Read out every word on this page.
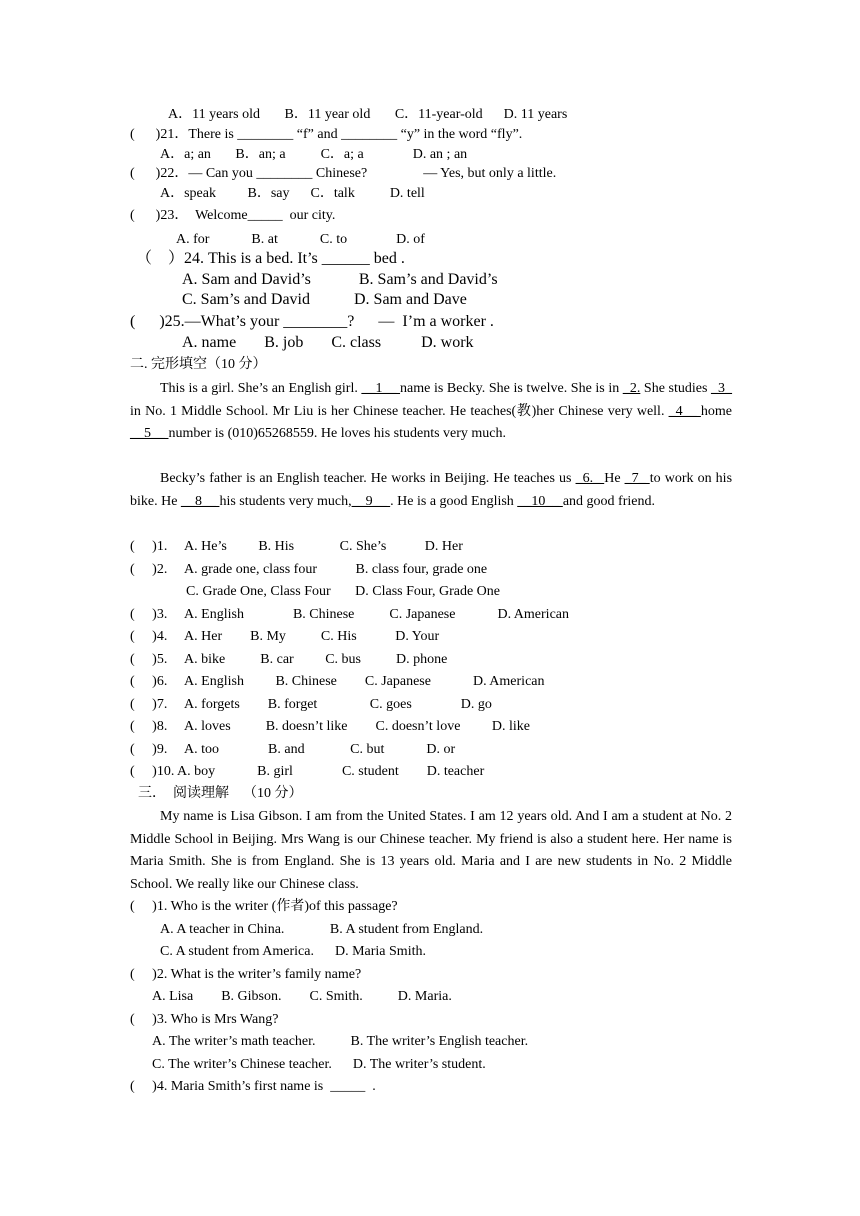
A．11 years old       B．11 year old       C．11-year-old      D. 11 years
(      )21．There is ________ “f” and ________ “y” in the word “fly”.
A．a; an       B．an; a          C．a; a              D. an ; an
(      )22．— Can you ________ Chinese?                — Yes, but only a little.
A．speak         B．say      C．talk          D. tell
(      )23．  Welcome_____  our city.
A. for            B. at            C. to              D. of
（    ）24. This is a bed. It’s ______ bed .
A. Sam and David’s            B. Sam’s and David’s
C. Sam’s and David           D. Sam and Dave
(      )25.—What’s your ________?      —  I’m a worker .
A. name       B. job       C. class          D. work
二. 完形填空（10 分）
This is a girl. She’s an English girl. __1__ name is Becky. She is twelve. She is in _2. She studies _3_ in No. 1 Middle School. Mr Liu is her Chinese teacher. He teaches(教)her Chinese very well. _4__ home __5__ number is (010)65268559. He loves his students very much.
Becky’s father is an English teacher. He works in Beijing. He teaches us _6._ He _7_ to work on his bike. He __8__ his students very much,__9__ . He is a good English __10__ and good friend.
(     )1.     A. He’s         B. His             C. She’s           D. Her
(     )2.     A. grade one, class four           B. class four, grade one
C. Grade One, Class Four       D. Class Four, Grade One
(     )3.     A. English              B. Chinese          C. Japanese            D. American
(     )4.     A. Her        B. My          C. His           D. Your
(     )5.     A. bike          B. car         C. bus          D. phone
(     )6.     A. English         B. Chinese        C. Japanese            D. American
(     )7.     A. forgets        B. forget               C. goes              D. go
(     )8.     A. loves          B. doesn’t like        C. doesn’t love         D. like
(     )9.     A. too              B. and             C. but            D. or
(     )10. A. boy            B. girl              C. student        D. teacher
三．  阅读理解    （10 分）
My name is Lisa Gibson. I am from the United States. I am 12 years old. And I am a student at No. 2 Middle School in Beijing. Mrs Wang is our Chinese teacher. My friend is also a student here. Her name is Maria Smith. She is from England. She is 13 years old. Maria and I are new students in No. 2 Middle School. We really like our Chinese class.
(     )1. Who is the writer (作者)of this passage?
A. A teacher in China.             B. A student from England.
C. A student from America.      D. Maria Smith.
(     )2. What is the writer’s family name?
A. Lisa        B. Gibson.        C. Smith.          D. Maria.
(     )3. Who is Mrs Wang?
A. The writer’s math teacher.          B. The writer’s English teacher.
C. The writer’s Chinese teacher.      D. The writer’s student.
(     )4. Maria Smith’s first name is  _____  .
